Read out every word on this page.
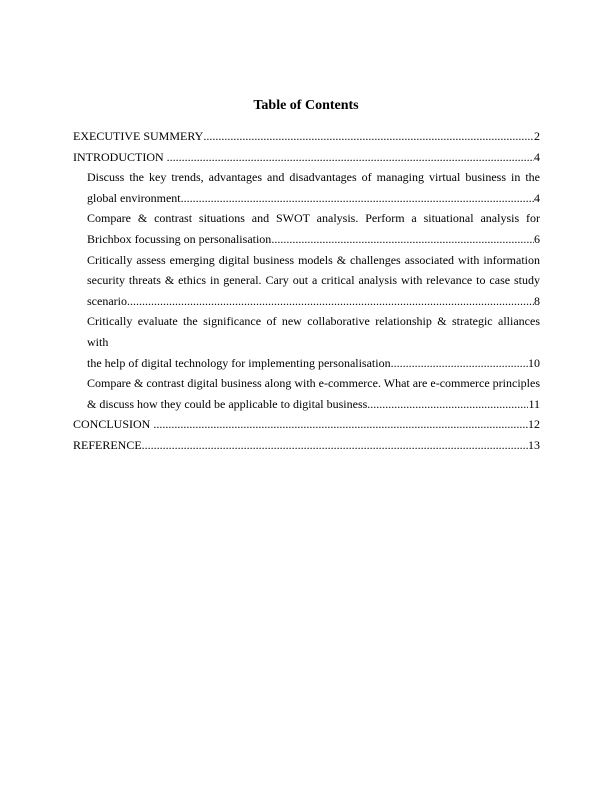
Table of Contents
EXECUTIVE SUMMERY .....	2
INTRODUCTION .....	4
Discuss the key trends, advantages and disadvantages of managing virtual business in the
global environment .....	4
Compare & contrast situations and SWOT analysis. Perform a situational analysis for
Brichbox focussing on personalisation .....	6
Critically assess emerging digital business models & challenges associated with information
security threats & ethics in general. Cary out a critical analysis with relevance to case study
scenario .....	8
Critically evaluate the significance of new collaborative relationship & strategic alliances with
the help of digital technology for implementing personalisation .....	10
Compare & contrast digital business along with e-commerce. What are e-commerce principles
& discuss how they could be applicable to digital business .....	11
CONCLUSION .....	12
REFERENCE .....	13
